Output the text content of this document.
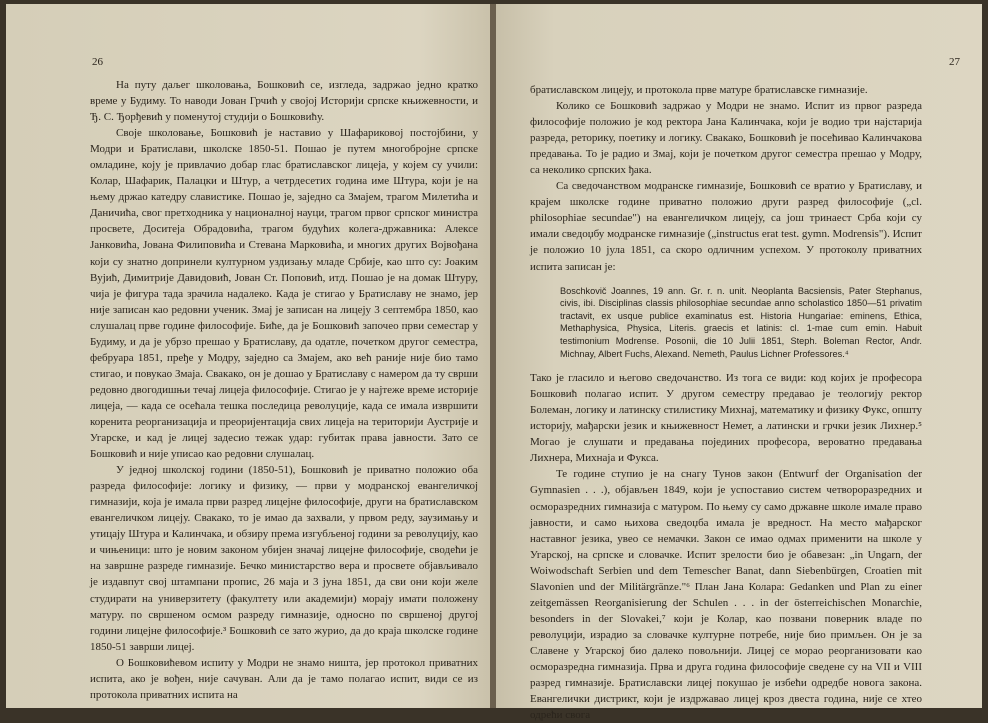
26

На путу даљег школовања, Бошковић се, изгледа, задржао једно кратко време у Будиму. То наводи Јован Грчић у својој Историји српске књижевности, и Ђ. С. Ђорђевић у поменутој студији о Бошковићу.

Своје школовање, Бошковић је наставио у Шафариковој постојбини, у Модри и Братислави, школске 1850-51. Пошао је путем многобројне српске омладине, коју је привлачио добар глас братиславског лицеја, у којем су учили: Колар, Шафарик, Палацки и Штур, а четрдесетих година име Штура, који је на њему држао катедру славистике. Пошао је, заједно са Змајем, трагом Милетића и Даничића, свог претходника у националној науци, трагом првог српског министра просвете, Доситеја Обрадовића, трагом будућих колега-државника: Алексе Јанковића, Јована Филиповића и Стевана Марковића, и многих других Војвођана који су знатно допринели културном уздизању младе Србије, као што су: Јоаким Вујић, Димитрије Давидовић, Јован Ст. Поповић, итд. Пошао је на домак Штуру, чија је фигура тада зрачила надалеко. Када је стигао у Братиславу не знамо, јер није записан као редовни ученик. Змај је записан на лицеју 3 септембра 1850, као слушалац прве године философије. Бићe, да је Бошковић започео први семестар у Будиму, и да је убрзо прешао у Братиславу, да одатле, почетком другог семестра, фебруара 1851, пређе у Модру, заједно са Змајем, ако већ раније није био тамо стигао, и повукао Змаја. Свакако, он је дошао у Братиславу с намером да ту сврши редовно двогодишњи течај лицеја философије. Стигао је у најтеже време историје лицеја, — када се осећала тешка последица револуције, када се имала извршити коренита реорганизација и преоријентација свих лицеја на територији Аустрије и Угарске, и кад је лицеј задесио тежак удар: губитак права јавности. Зато се Бошковић и није уписао као редовни слушалац.

У једној школској години (1850-51), Бошковић је приватно положио оба разреда философије: логику и физику, — први у модранској евангеличкој гимназији, која је имала први разред лицејне философије, други на братиславском евангеличком лицеју. Свакако, то је имао да захвали, у првом реду, заузимању и утицају Штура и Калинчака, и обзиру према изгубљеној години за револуцију, као и чињеници: што је новим законом убијен значај лицејне философије, сводећи је на завршне разреде гимназије. Бечко министарство вера и просвете објављивало је издавпут свој штампани пропис, 26 маја и 3 јуна 1851, да сви они који желе студирати на универзитету (факултету или академији) морају имати положену матуру. по свршеном осмом разреду гимназије, односно по свршеној другој години лицејне философије.³ Бошковић се зато журио, да до краја школске године 1850-51 заврши лицеј.

О Бошковићевом испиту у Модри не знамо ништа, јер протокол приватних испита, ако је вођен, није сачуван. Али да је тамо полагао испит, види се из протокола приватних испита на

27

братиславском лицеју, и протокола прве матуре братиславске гимназије.

Колико се Бошковић задржао у Модри не знамо. Испит из првог разреда философије положио је код ректора Јана Калинчака, који је водио три најстарија разреда, реторику, поетику и логику. Свакако, Бошковић је посећивао Калинчакова предавања. То је радио и Змај, који је почетком другог семестра прешао у Модру, са неколико српских ђака.

Са сведочанством модранске гимназије, Бошковић се вратио у Братиславу, и крајем школске године приватно положио други разред философије („cl. philosophiae secundae") на евангеличком лицеју, са још тринаест Срба који су имали сведоџбу модранске гимназије („instructus erat test. gymn. Modrensis"). Испит је положио 10 јула 1851, са скоро одличним успехом. У протоколу приватних испита записан је:

Boschkovič Joannes, 19 ann. Gr. r. n. unit. Neoplanta Bacsiensis, Pater Stephanus, civis, ibi. Disciplinas classis philosophiae secundae anno scholastico 1850—51 privatim tractavit, ex usque publice examinatus est. Historia Hungariae: eminens, Ethica, Methaphysica, Physica, Literis. graecis et latinis: cl. 1-mae cum emin. Habuit testimonium Modrense. Posonii, die 10 Julii 1851, Steph. Boleman Rector, Andr. Michnay, Albert Fuchs, Alexand. Nemeth, Paulus Lichner Professores.⁴

Тако је гласило и његово сведочанство. Из тога се види: код којих је професора Бошковић полагао испит. У другом семестру предавао је теологију ректор Болеман, логику и латинску стилистику Михнај, математику и физику Фукс, општу историју, мађарски језик и књижевност Немет, а латински и грчки језик Лихнер.⁵ Могао је слушати и предавања појединих професора, вероватно предавања Лихнера, Михнаја и Фукса.

Те године ступио је на снагу Тунов закон (Entwurf der Organisation der Gymnasien . . .), објављен 1849, који је успоставио систем четвороразредних и осморазредних гимназија с матуром. По њему су само државне школе имале право јавности, и само њихова сведоџба имала је вредност. На место мађарског наставног језика, увео се немачки. Закон се имао одмах применити на школе у Угарској, на српске и словачке. Испит зрелости био је обавезан: „in Ungarn, der Woiwodschaft Serbien und dem Temescher Banat, dann Siebenbürgen, Croatien mit Slavonien und der Militärgränze."⁶ План Јана Колара: Gedanken und Plan zu einer zeitgemässen Reorganisierung der Schulen . . . in der österreichischen Monarchie, besonders in der Slovakei,⁷ који је Колар, као позвани поверник владе по револуцији, израдио за словачке културне потребе, није био примљен. Он је за Славене у Угарској био далеко повољнији. Лицеј се морао реорганизовати као осморазредна гимназија. Прва и друга година философије сведене су на VII и VIII разред гимназије. Братиславски лицеј покушао је избећи одредбе новога закона. Евангелички дистрикт, који је издржавао лицеј кроз двеста година, није се хтео одрећи свога
